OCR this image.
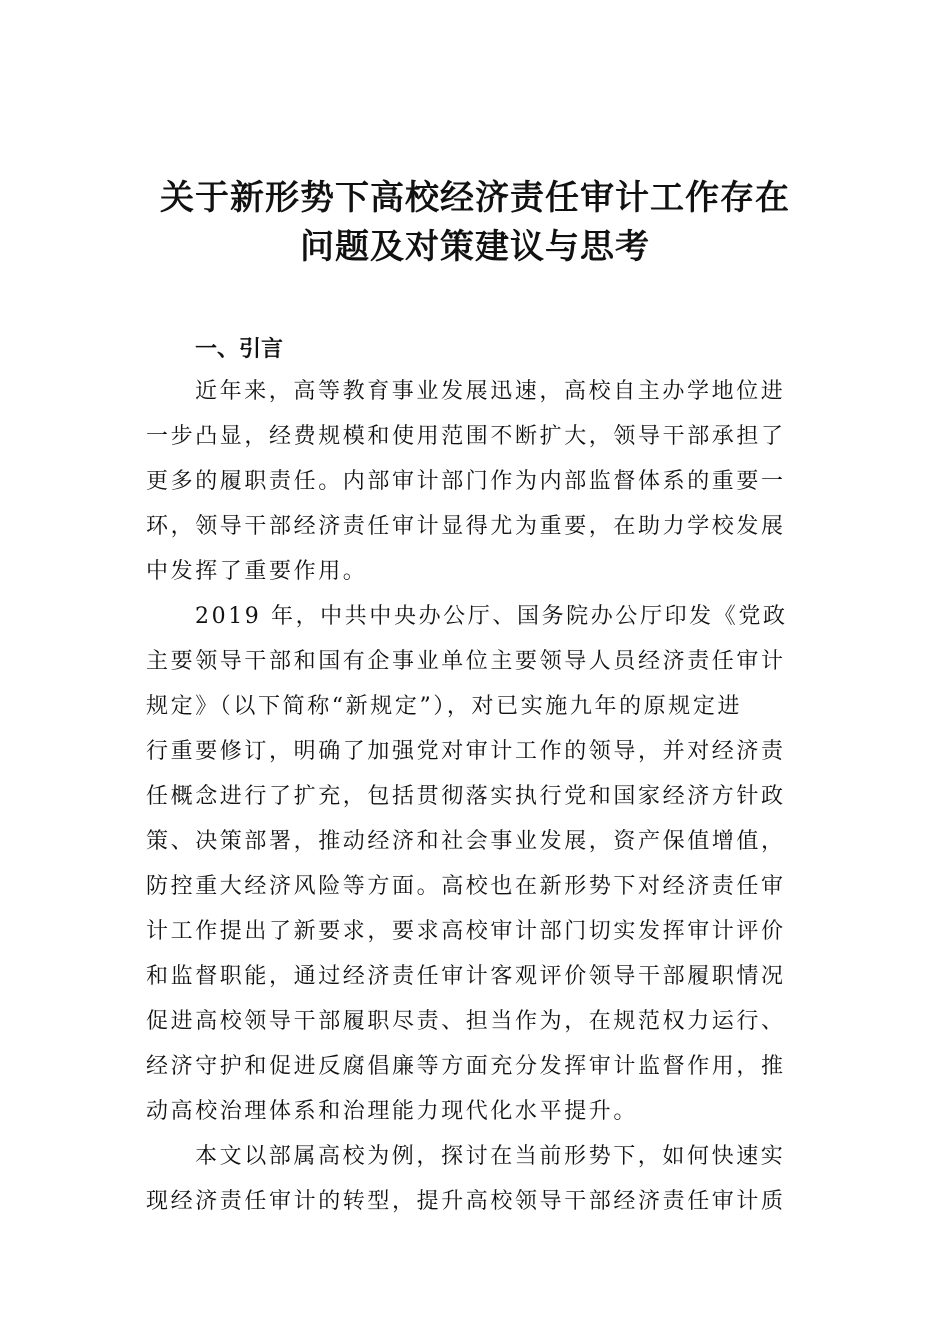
关于新形势下高校经济责任审计工作存在
问题及对策建议与思考
一、引言

近年来，高等教育事业发展迅速，高校自主办学地位进

一步凸显，经费规模和使用范围不断扩大，领导干部承担了

更多的履职责任。内部审计部门作为内部监督体系的重要一

环，领导干部经济责任审计显得尤为重要，在助力学校发展

中发挥了重要作用。

2019 年，中共中央办公厅、国务院办公厅印发《党政

主要领导干部和国有企事业单位主要领导人员经济责任审计

规定》（以下简称“新规定”），对已实施九年的原规定进

行重要修订，明确了加强党对审计工作的领导，并对经济责

任概念进行了扩充，包括贯彻落实执行党和国家经济方针政

策、决策部署，推动经济和社会事业发展，资产保值增值，

防控重大经济风险等方面。高校也在新形势下对经济责任审

计工作提出了新要求，要求高校审计部门切实发挥审计评价

和监督职能，通过经济责任审计客观评价领导干部履职情况

促进高校领导干部履职尽责、担当作为，在规范权力运行、

经济守护和促进反腐倡廉等方面充分发挥审计监督作用，推

动高校治理体系和治理能力现代化水平提升。

本文以部属高校为例，探讨在当前形势下，如何快速实

现经济责任审计的转型，提升高校领导干部经济责任审计质
